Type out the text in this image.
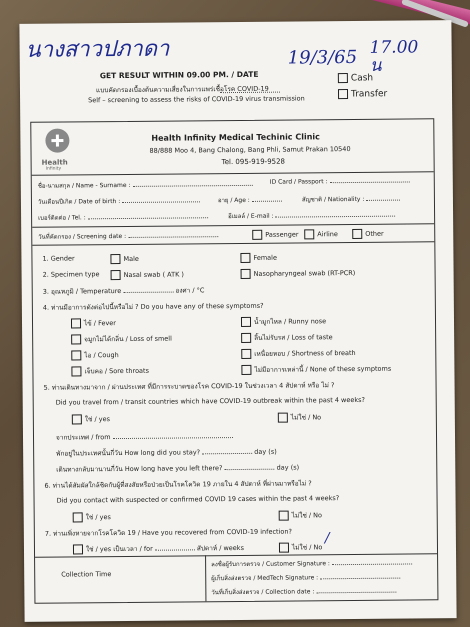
นางสาวปภาดา	19/3/65 17.00 น
GET RESULT WITHIN 09.00 PM. / DATE	Cash
Transfer
แบบคัดกรองเบื้องต้นความเสี่ยงในการแพร่เชื้อโรค COVID-19
Self – screening to assess the risks of COVID-19 virus transmission
Health
Infinity
Health Infinity Medical Techinic Clinic
88/888 Moo 4, Bang Chalong, Bang Phli, Samut Prakan 10540
Tel. 095-919-9528
ชื่อ-นามสกุล / Name - Surname :	ID Card / Passport :
วันเดือนปีเกิด / Date of birth :	อายุ / Age :	สัญชาติ / Nationality :
เบอร์ติดต่อ / Tel. :	อีเมลล์ / E-mail :
วันที่คัดกรอง / Screening date :	Passenger	Airline	Other
1. Gender	Male	Female
2. Specimen type	Nasal swab ( ATK )	Nasopharyngeal swab (RT-PCR)
3. อุณหภูมิ / Temperature	องศา / °C
4. ท่านมีอาการดังต่อไปนี้หรือไม่ ? Do you have any of these symptoms?
ไข้ / Fever	น้ำมูกไหล / Runny nose
จมูกไม่ได้กลิ่น / Loss of smell	ลิ้นไม่รับรส / Loss of taste
ไอ / Cough	เหนื่อยหอบ / Shortness of breath
เจ็บคอ / Sore throats	ไม่มีอาการเหล่านี้ / None of these symptoms
5. ท่านเดินทางมาจาก / ผ่านประเทศ ที่มีการระบาดของโรค COVID-19 ในช่วงเวลา 4 สัปดาห์ หรือ ไม่ ?
Did you travel from / transit countries which have COVID-19 outbreak within the past 4 weeks?
ใช่ / yes	ไม่ใช่ / No
จากประเทศ / from
พักอยู่ในประเทศนั้นกี่วัน How long did you stay?	day (s)
เดินทางกลับมานานกี่วัน How long have you left there?	day (s)
6. ท่านได้สัมผัสใกล้ชิดกับผู้ที่สงสัยหรือป่วยเป็นโรคโควิด 19 ภายใน 4 สัปดาห์ ที่ผ่านมาหรือไม่ ?
Did you contact with suspected or confirmed COVID 19 cases within the past 4 weeks?
ใช่ / yes	ไม่ใช่ / No
7. ท่านเพิ่งหายจากโรคโควิด 19 / Have you recovered from COVID-19 infection?
ใช่ / yes เป็นเวลา / for	สัปดาห์ / weeks	ไม่ใช่ / No
/
Collection Time
ลงชื่อผู้รับการตรวจ / Customer Signature :
ผู้เก็บสิ่งส่งตรวจ / MedTech Signature :
วันที่เก็บสิ่งส่งตรวจ / Collection date :
